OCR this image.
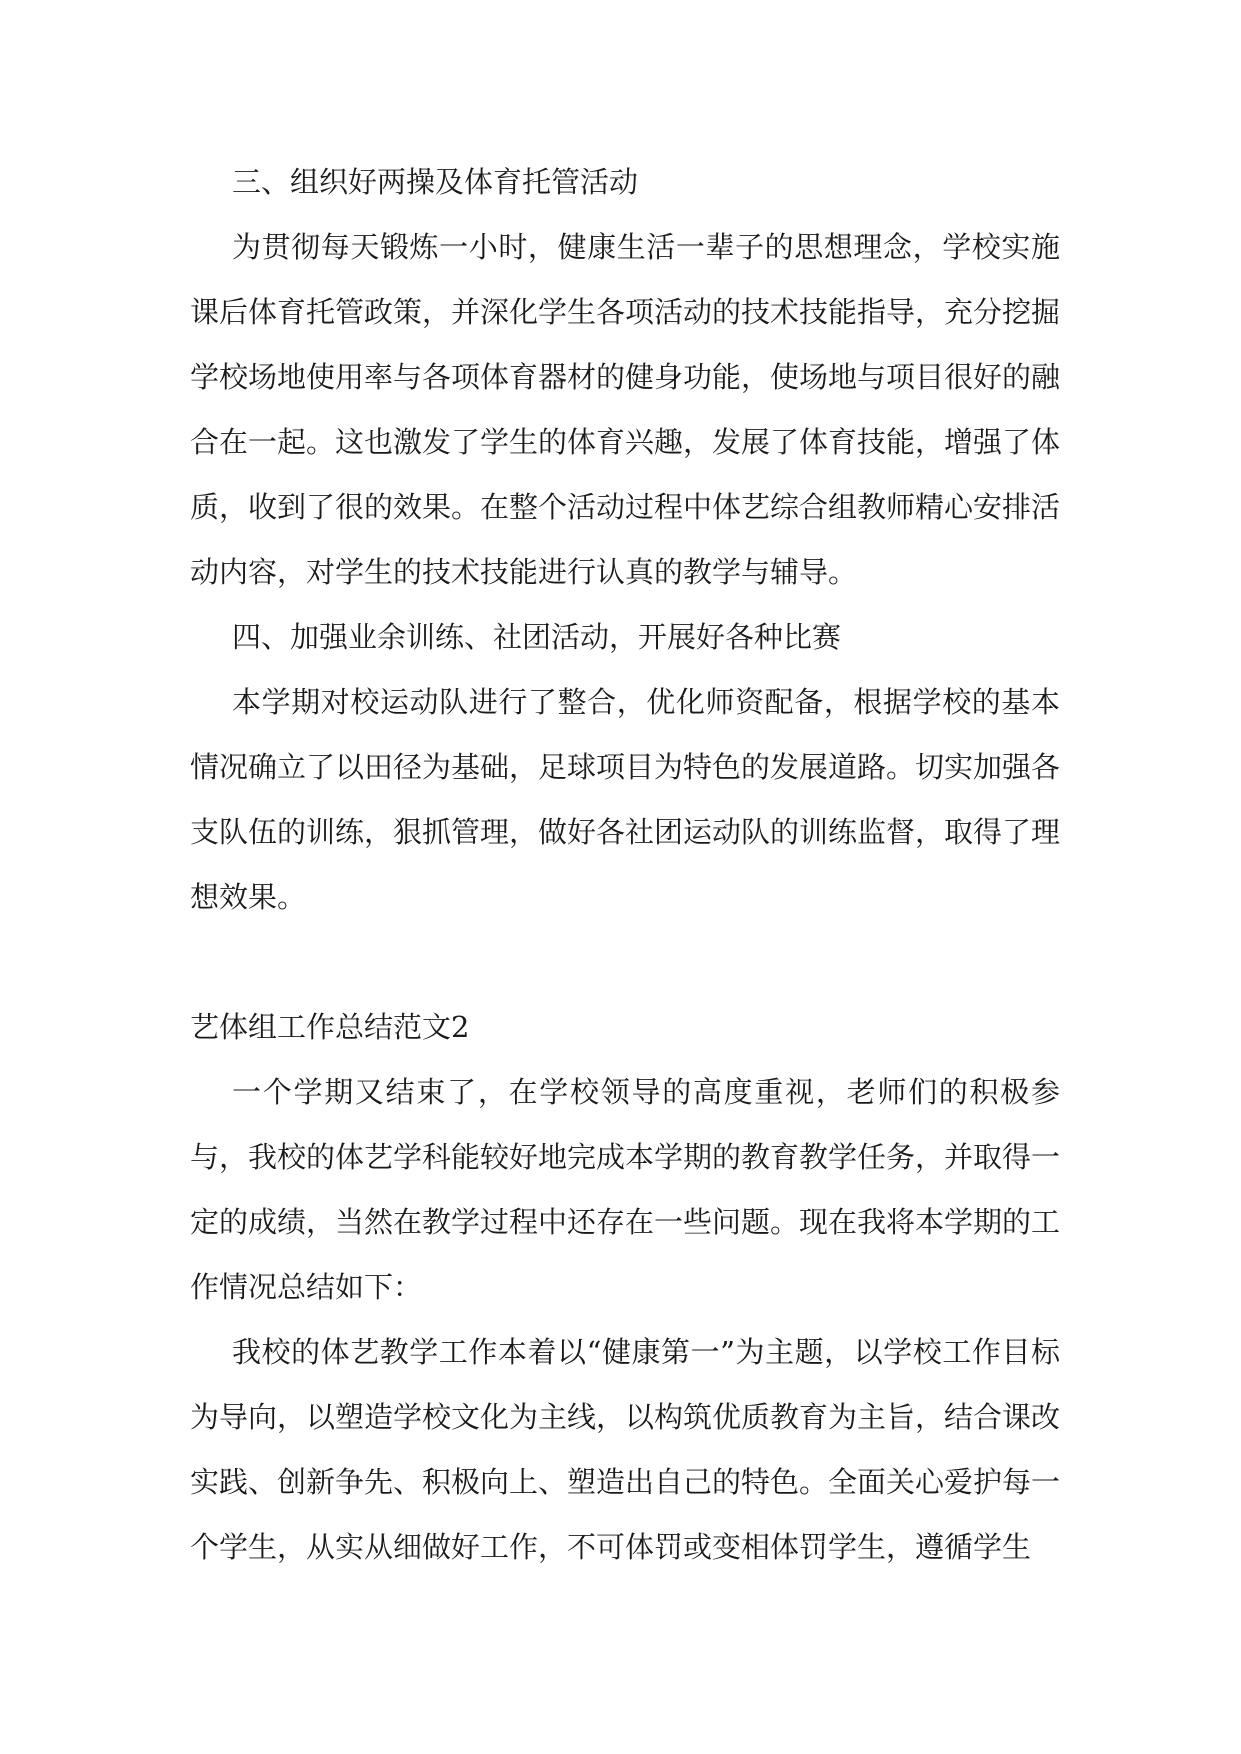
三、组织好两操及体育托管活动

为贯彻每天锻炼一小时，健康生活一辈子的思想理念，学校实施课后体育托管政策，并深化学生各项活动的技术技能指导，充分挖掘学校场地使用率与各项体育器材的健身功能，使场地与项目很好的融合在一起。这也激发了学生的体育兴趣，发展了体育技能，增强了体质，收到了很的效果。在整个活动过程中体艺综合组教师精心安排活动内容，对学生的技术技能进行认真的教学与辅导。

四、加强业余训练、社团活动，开展好各种比赛

本学期对校运动队进行了整合，优化师资配备，根据学校的基本情况确立了以田径为基础，足球项目为特色的发展道路。切实加强各支队伍的训练，狠抓管理，做好各社团运动队的训练监督，取得了理想效果。

艺体组工作总结范文2

一个学期又结束了，在学校领导的高度重视，老师们的积极参与，我校的体艺学科能较好地完成本学期的教育教学任务，并取得一定的成绩，当然在教学过程中还存在一些问题。现在我将本学期的工作情况总结如下：

我校的体艺教学工作本着以“健康第一”为主题，以学校工作目标为导向，以塑造学校文化为主线，以构筑优质教育为主旨，结合课改实践、创新争先、积极向上、塑造出自己的特色。全面关心爱护每一个学生，从实从细做好工作，不可体罚或变相体罚学生，遵循学生
